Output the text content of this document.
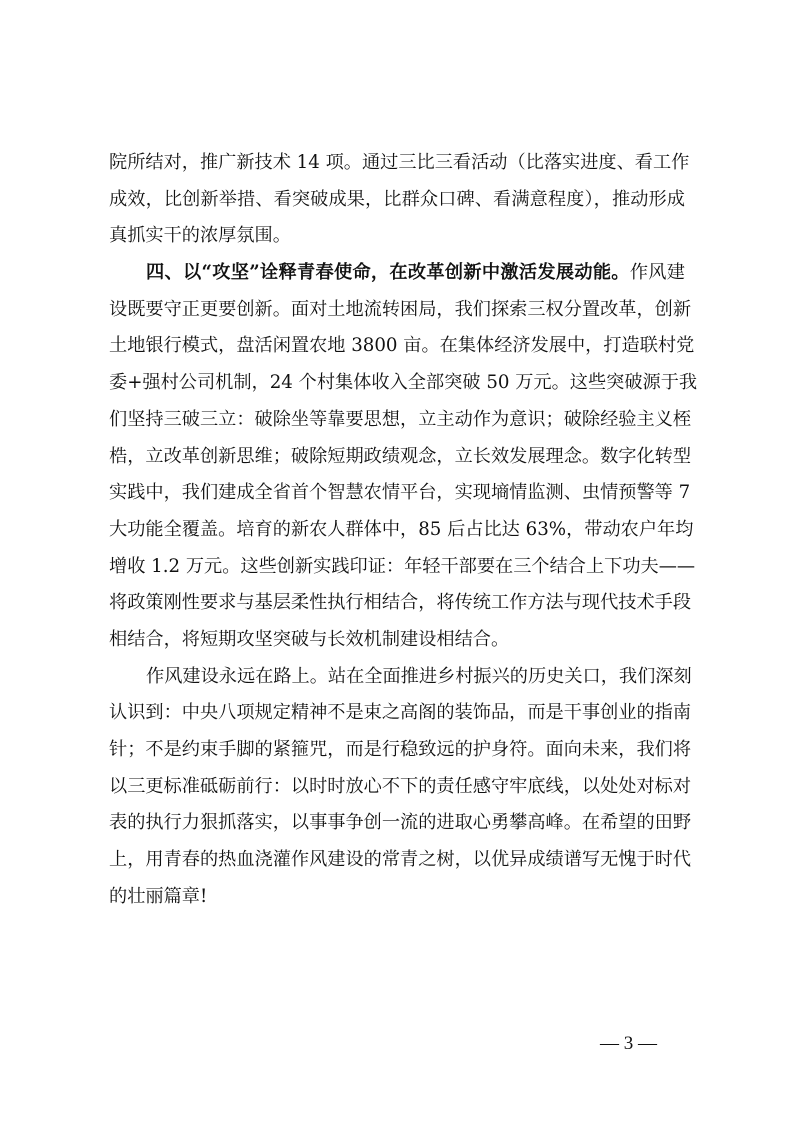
院所结对，推广新技术 14 项。通过三比三看活动（比落实进度、看工作
成效，比创新举措、看突破成果，比群众口碑、看满意程度），推动形成
真抓实干的浓厚氛围。
四、以“攻坚”诠释青春使命，在改革创新中激活发展动能。作风建
设既要守正更要创新。面对土地流转困局，我们探索三权分置改革，创新
土地银行模式，盘活闲置农地 3800 亩。在集体经济发展中，打造联村党
委+强村公司机制，24 个村集体收入全部突破 50 万元。这些突破源于我
们坚持三破三立：破除坐等靠要思想，立主动作为意识；破除经验主义桎
梏，立改革创新思维；破除短期政绩观念，立长效发展理念。数字化转型
实践中，我们建成全省首个智慧农情平台，实现墒情监测、虫情预警等 7
大功能全覆盖。培育的新农人群体中，85 后占比达 63%，带动农户年均
增收 1.2 万元。这些创新实践印证：年轻干部要在三个结合上下功夫——
将政策刚性要求与基层柔性执行相结合，将传统工作方法与现代技术手段
相结合，将短期攻坚突破与长效机制建设相结合。
作风建设永远在路上。站在全面推进乡村振兴的历史关口，我们深刻
认识到：中央八项规定精神不是束之高阁的装饰品，而是干事创业的指南
针；不是约束手脚的紧箍咒，而是行稳致远的护身符。面向未来，我们将
以三更标准砥砺前行：以时时放心不下的责任感守牢底线，以处处对标对
表的执行力狠抓落实，以事事争创一流的进取心勇攀高峰。在希望的田野
上，用青春的热血浇灌作风建设的常青之树，以优异成绩谱写无愧于时代
的壮丽篇章!
— 3 —
